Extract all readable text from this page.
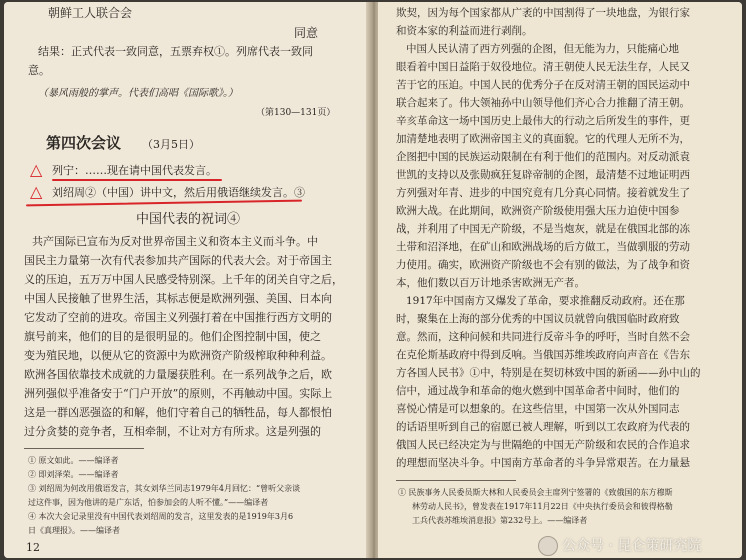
朝鲜工人联合会
同意
结果：正式代表一致同意，五票弃权①。列席代表一致同
意。
（暴风雨般的掌声。代表们高唱《国际歌》。）
（第130—131页）
第四次会议 （3月5日）
△ 列宁：……现在请中国代表发言。
△ 刘绍周②（中国）讲中文，然后用俄语继续发言。③
中国代表的祝词④
共产国际已宣布为反对世界帝国主义和资本主义而斗争。中
国民主力量第一次有代表参加共产国际的代表大会。对于帝国主
义的压迫，五万万中国人民感受特别深。上千年的闭关自守之后，
中国人民接触了世界生活，其标志便是欧洲列强、美国、日本向
它发动了空前的进攻。帝国主义列强打着在中国推行西方文明的
旗号前来，他们的目的是很明显的。他们企图控制中国，使之
变为殖民地，以便从它的资源中为欧洲资产阶级榨取种种利益。
欧洲各国依靠技术成就的力量屡获胜利。在一系列战争之后，欧
洲列强似乎准备安于“门户开放”的原则，不再触动中国。实际上
这是一群凶恶强盗的和解，他们守着自己的牺牲品，每人都恨怕
过分贪婪的竞争者，互相牵制，不让对方有所求。这是列强的
① 原文如此。——编译者
② 即刘泽荣。——编译者
③ 刘绍周为何改用俄语发言，其女刘华兰同志1979年4月回忆：“曾听父亲谈
过这件事，因为他讲的是广东话，怕参加会的人听不懂。”——编译者
④ 本次大会记录里没有中国代表刘绍周的发言，这里发表的是1919年3月6
日《真理报》。——编译者
12
欺契，因为每个国家都从广袤的中国割得了一块地盘，为银行家
和资本家的利益而进行剥削。
中国人民认清了西方列强的企图，但无能为力，只能痛心地
眼看着中国日益陷于奴役地位。清王朝使人民无法生存，人民又
苦于它的压迫。中国人民的优秀分子在反对清王朝的国民运动中
联合起来了。伟大领袖孙中山领导他们齐心合力推翻了清王朝。
辛亥革命这一场中国历史上最伟大的行动之后所发生的事件，更
加清楚地表明了欧洲帝国主义的真面貌。它的代理人无所不为，
企图把中国的民族运动限制在有利于他们的范围内。对反动派袁
世凯的支持以及张勋疯狂复辟帝制的企图，最清楚不过地证明西
方列强对年青、进步的中国究竟有几分真心同情。接着就发生了
欧洲大战。在此期间，欧洲资产阶级使用强大压力迫使中国参
战，并利用了中国无产阶级，不是当炮灰，就是在俄国北部的冻
土带和沼泽地，在矿山和欧洲战场的后方做工，当做驯服的劳动
力使用。确实，欧洲资产阶级也不会有别的做法，为了战争和资
本，他们数以百万计地杀害欧洲无产者。
1917年中国南方又爆发了革命，要求推翻反动政府。还在那
时，聚集在上海的部分优秀的中国议员就曾向俄国临时政府致
意。然而，这种问候和共同进行反帝斗争的呼吁，当时自然不会
在克伦斯基政府中得到反响。当俄国苏维埃政府向声音在《告东
方各国人民书》①中，特别是在契切林致中国的新函——孙中山的
信中，通过战争和革命的炮火燃到中国革命者中间时，他们的
喜悦心情是可以想象的。在这些信里，中国第一次从外国同志
的话语里听到自己的宿愿已被人理解，听到以工农政府为代表的
俄国人民已经决定为与世隔绝的中国无产阶级和农民的合作追求
的理想而坚决斗争。中国南方革命者的斗争异常艰苦。在力量悬
① 民族事务人民委员斯大林和人民委员会主席列宁签署的《致俄国的东方穆斯
林劳动人民书》，曾发表在1917年11月22日《中央执行委员会和彼得格勒
工兵代表苏维埃消息报》第232号上。——编译者
公众号 · 昆仑策研究院
